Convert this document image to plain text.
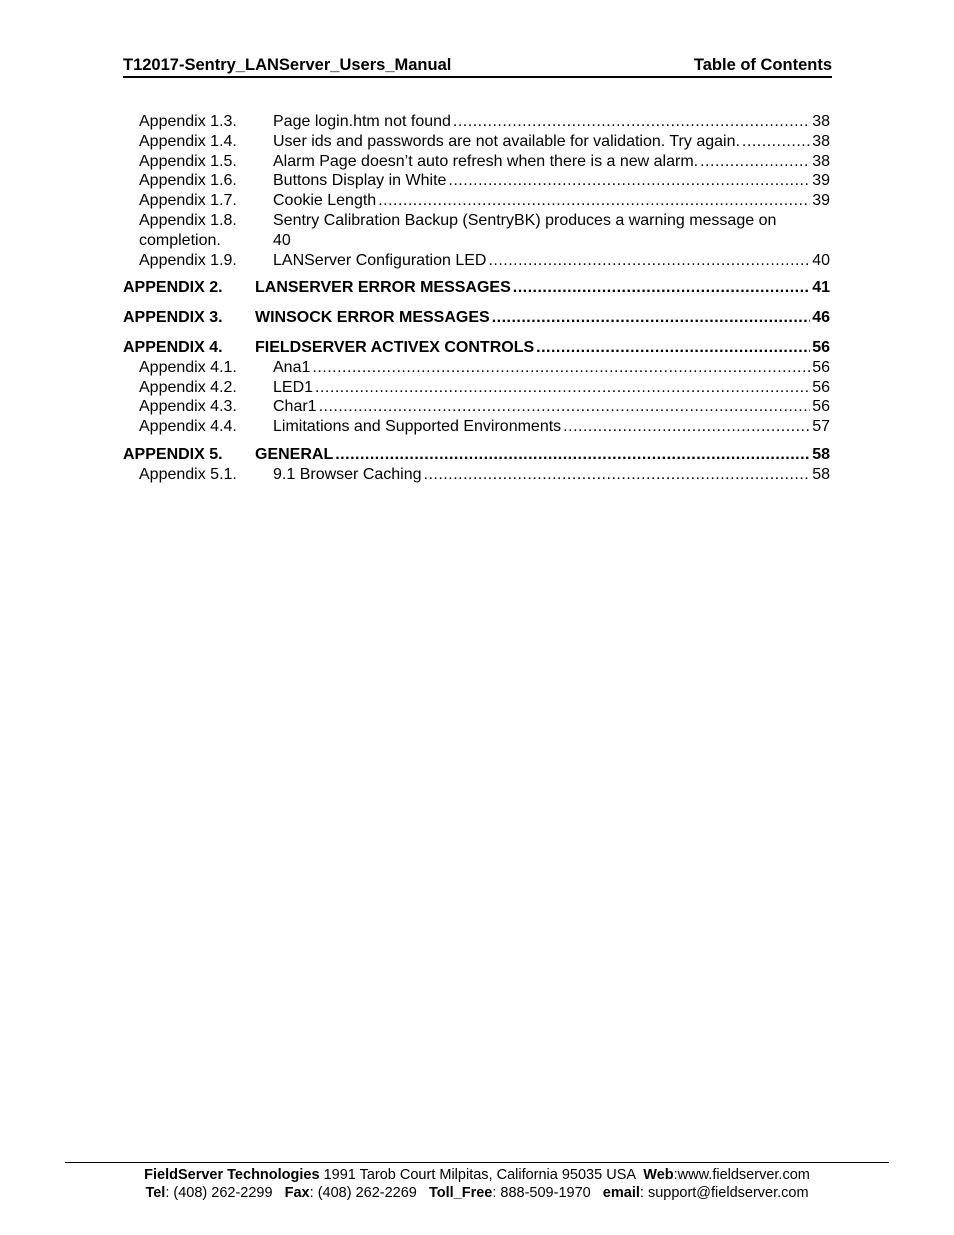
T12017-Sentry_LANServer_Users_Manual	Table of Contents
Appendix 1.3.	Page login.htm not found .....	38
Appendix 1.4.	User ids and passwords are not available for validation. Try again. .....	38
Appendix 1.5.	Alarm Page doesn’t auto refresh when there is a new alarm. .....	38
Appendix 1.6.	Buttons Display in White .....	39
Appendix 1.7.	Cookie Length .....	39
Appendix 1.8.	Sentry Calibration Backup (SentryBK) produces a warning message on
completion.	40
Appendix 1.9.	LANServer Configuration LED .....	40
APPENDIX 2.	LANSERVER ERROR MESSAGES .....	41
APPENDIX 3.	WINSOCK ERROR MESSAGES .....	46
APPENDIX 4.	FIELDSERVER ACTIVEX CONTROLS .....	56
Appendix 4.1.	Ana1 .....	56
Appendix 4.2.	LED1 .....	56
Appendix 4.3.	Char1 .....	56
Appendix 4.4.	Limitations and Supported Environments .....	57
APPENDIX 5.	GENERAL .....	58
Appendix 5.1.	9.1 Browser Caching .....	58
FieldServer Technologies 1991 Tarob Court Milpitas, California 95035 USA  Web:www.fieldserver.com
Tel: (408) 262-2299   Fax: (408) 262-2269   Toll_Free: 888-509-1970   email: support@fieldserver.com
